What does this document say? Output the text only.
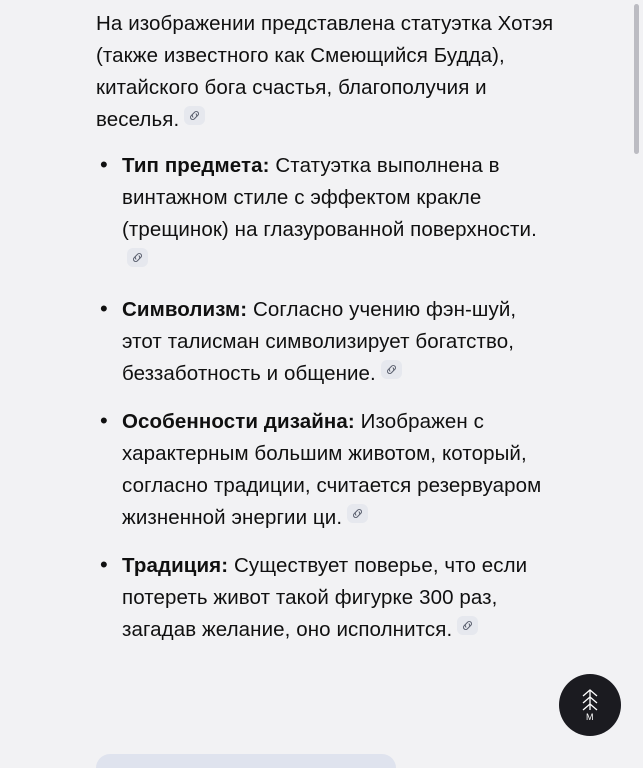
На изображении представлена статуэтка Хотэя (также известного как Смеющийся Будда), китайского бога счастья, благополучия и веселья.

• Тип предмета: Статуэтка выполнена в винтажном стиле с эффектом кракле (трещинок) на глазурованной поверхности.
• Символизм: Согласно учению фэн-шуй, этот талисман символизирует богатство, беззаботность и общение.
• Особенности дизайна: Изображен с характерным большим животом, который, согласно традиции, считается резервуаром жизненной энергии ци.
• Традиция: Существует поверье, что если потереть живот такой фигурке 300 раз, загадав желание, оно исполнится.
M
